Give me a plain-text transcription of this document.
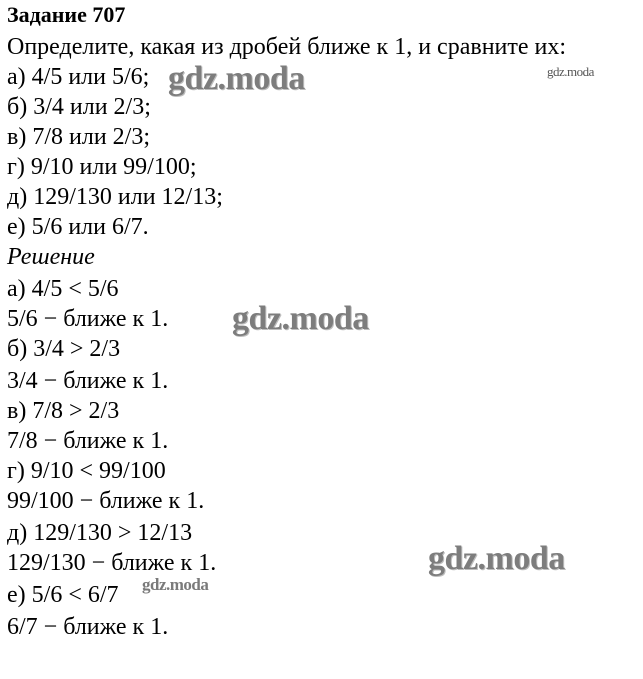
Задание 707
Определите, какая из дробей ближе к 1, и сравните их:
а) 4/5 или 5/6;
б) 3/4 или 2/3;
в) 7/8 или 2/3;
г) 9/10 или 99/100;
д) 129/130 или 12/13;
е) 5/6 или 6/7.
Решение
а) 4/5 < 5/6
5/6 − ближе к 1.
б) 3/4 > 2/3
3/4 − ближе к 1.
в) 7/8 > 2/3
7/8 − ближе к 1.
г) 9/10 < 99/100
99/100 − ближе к 1.
д) 129/130 > 12/13
129/130 − ближе к 1.
е) 5/6 < 6/7
6/7 − ближе к 1.
gdz.moda	gdz.moda
gdz.moda
gdz.moda
gdz.moda
